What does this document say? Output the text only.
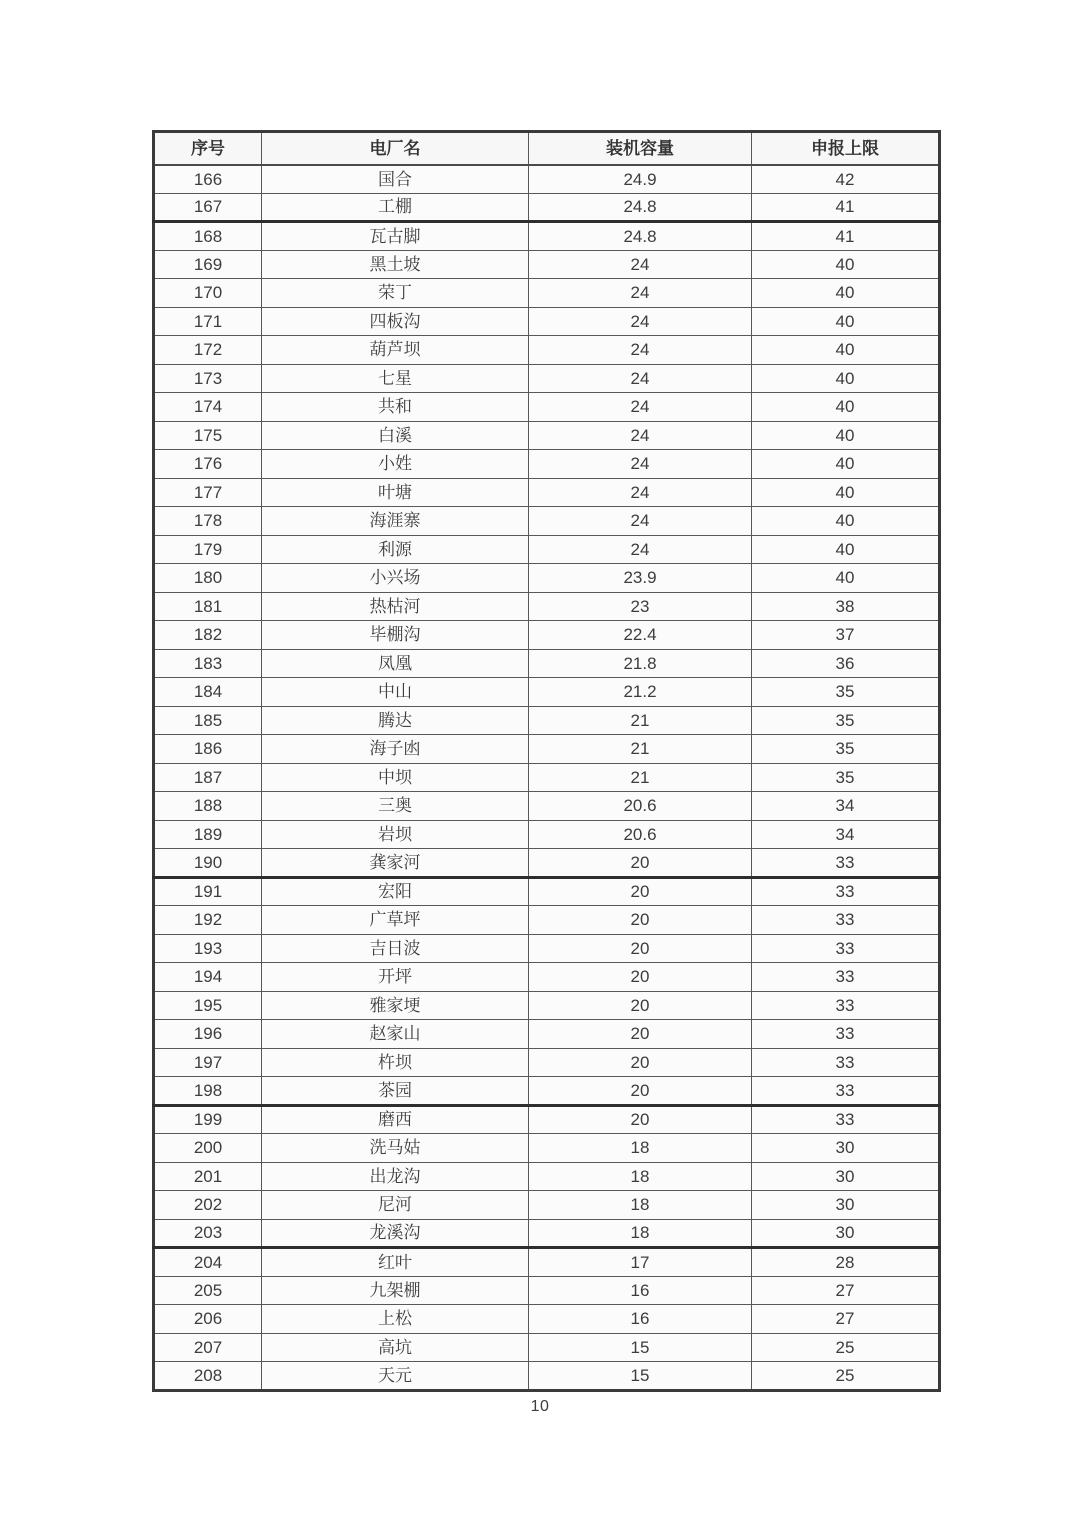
序号	电厂名	装机容量	申报上限
166	国合	24.9	42
167	工棚	24.8	41
168	瓦古脚	24.8	41
169	黑土坡	24	40
170	荣丁	24	40
171	四板沟	24	40
172	葫芦坝	24	40
173	七星	24	40
174	共和	24	40
175	白溪	24	40
176	小姓	24	40
177	叶塘	24	40
178	海涯寨	24	40
179	利源	24	40
180	小兴场	23.9	40
181	热枯河	23	38
182	毕棚沟	22.4	37
183	凤凰	21.8	36
184	中山	21.2	35
185	腾达	21	35
186	海子凼	21	35
187	中坝	21	35
188	三奥	20.6	34
189	岩坝	20.6	34
190	龚家河	20	33
191	宏阳	20	33
192	广草坪	20	33
193	吉日波	20	33
194	开坪	20	33
195	雅家埂	20	33
196	赵家山	20	33
197	杵坝	20	33
198	茶园	20	33
199	磨西	20	33
200	洗马姑	18	30
201	出龙沟	18	30
202	尼河	18	30
203	龙溪沟	18	30
204	红叶	17	28
205	九架棚	16	27
206	上松	16	27
207	高坑	15	25
208	天元	15	25
10
